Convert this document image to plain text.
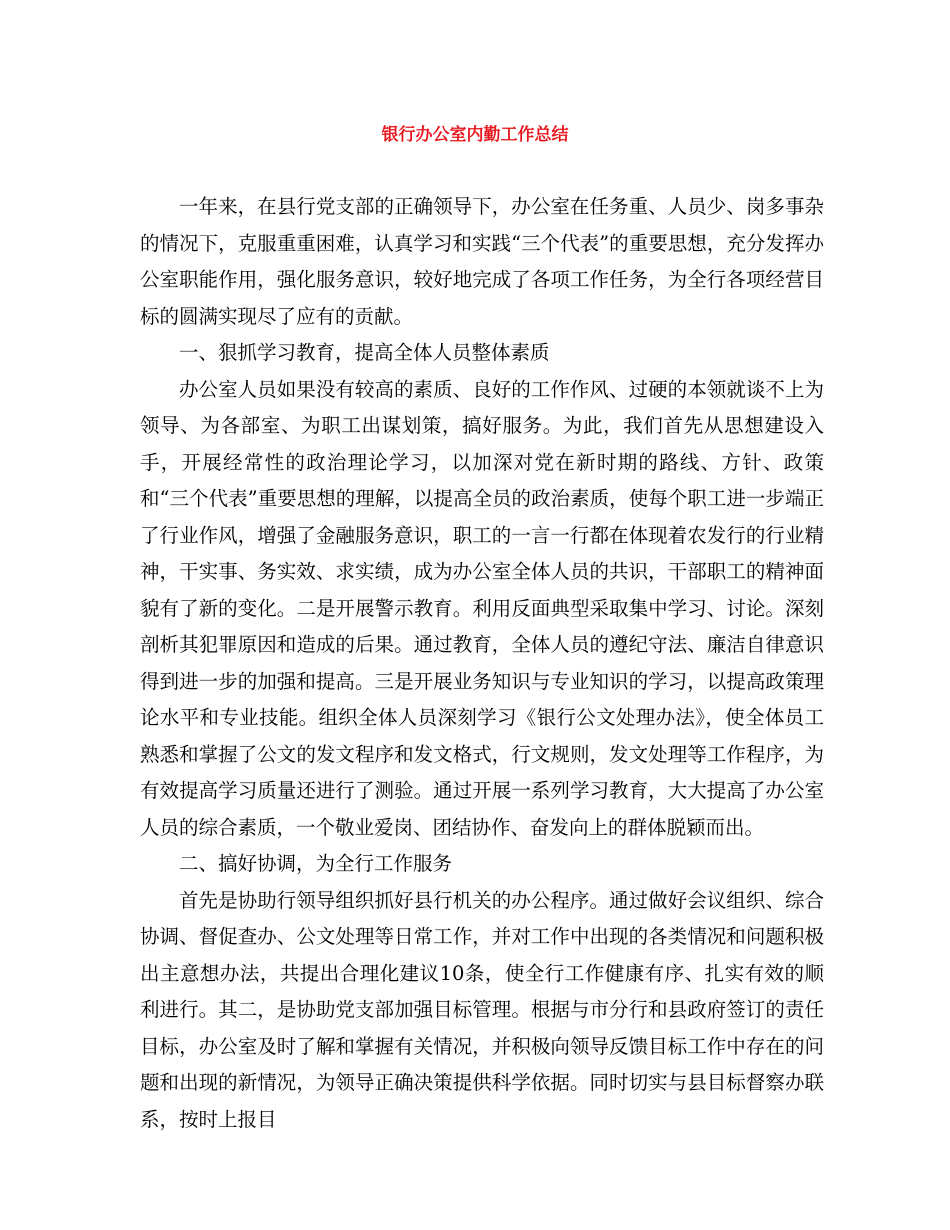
银行办公室内勤工作总结

一年来，在县行党支部的正确领导下，办公室在任务重、人员少、岗多事杂的情况下，克服重重困难，认真学习和实践“三个代表”的重要思想，充分发挥办公室职能作用，强化服务意识，较好地完成了各项工作任务，为全行各项经营目标的圆满实现尽了应有的贡献。

一、狠抓学习教育，提高全体人员整体素质

办公室人员如果没有较高的素质、良好的工作作风、过硬的本领就谈不上为领导、为各部室、为职工出谋划策，搞好服务。为此，我们首先从思想建设入手，开展经常性的政治理论学习，以加深对党在新时期的路线、方针、政策和“三个代表”重要思想的理解，以提高全员的政治素质，使每个职工进一步端正了行业作风，增强了金融服务意识，职工的一言一行都在体现着农发行的行业精神，干实事、务实效、求实绩，成为办公室全体人员的共识，干部职工的精神面貌有了新的变化。二是开展警示教育。利用反面典型采取集中学习、讨论。深刻剖析其犯罪原因和造成的后果。通过教育，全体人员的遵纪守法、廉洁自律意识得到进一步的加强和提高。三是开展业务知识与专业知识的学习，以提高政策理论水平和专业技能。组织全体人员深刻学习《银行公文处理办法》，使全体员工熟悉和掌握了公文的发文程序和发文格式，行文规则，发文处理等工作程序，为有效提高学习质量还进行了测验。通过开展一系列学习教育，大大提高了办公室人员的综合素质，一个敬业爱岗、团结协作、奋发向上的群体脱颖而出。

二、搞好协调，为全行工作服务

首先是协助行领导组织抓好县行机关的办公程序。通过做好会议组织、综合协调、督促查办、公文处理等日常工作，并对工作中出现的各类情况和问题积极出主意想办法，共提出合理化建议10条，使全行工作健康有序、扎实有效的顺利进行。其二，是协助党支部加强目标管理。根据与市分行和县政府签订的责任目标，办公室及时了解和掌握有关情况，并积极向领导反馈目标工作中存在的问题和出现的新情况，为领导正确决策提供科学依据。同时切实与县目标督察办联系，按时上报目
